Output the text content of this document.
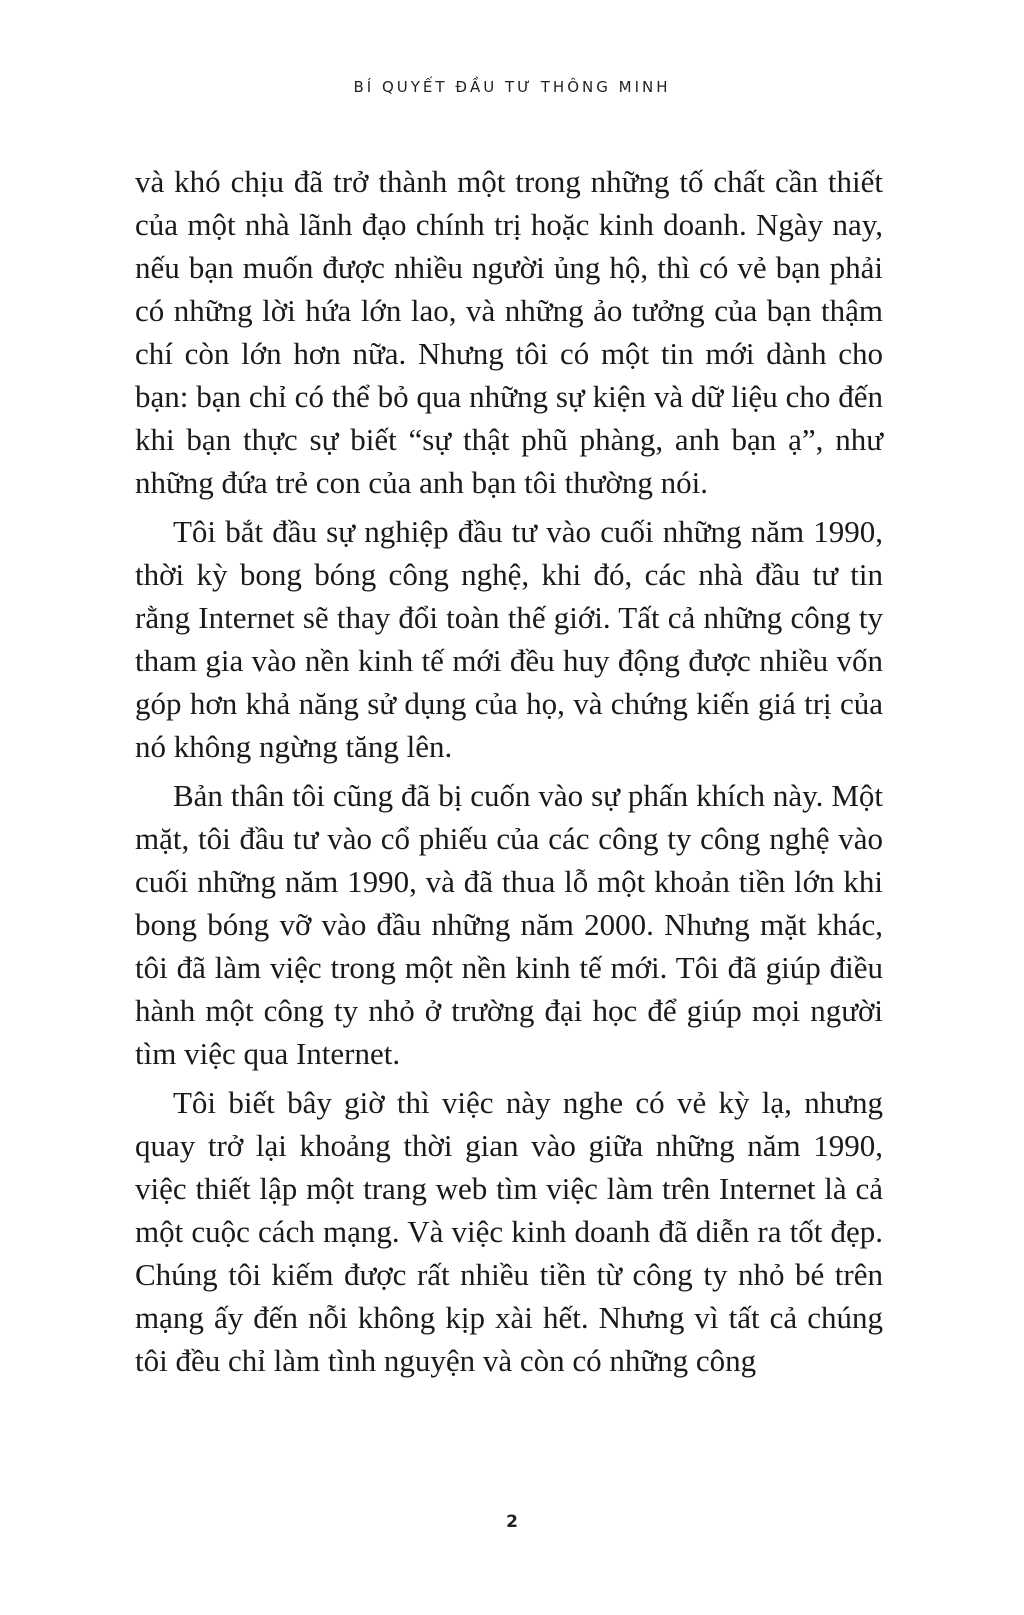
BÍ QUYẾT ĐẦU TƯ THÔNG MINH

và khó chịu đã trở thành một trong những tố chất cần thiết của một nhà lãnh đạo chính trị hoặc kinh doanh. Ngày nay, nếu bạn muốn được nhiều người ủng hộ, thì có vẻ bạn phải có những lời hứa lớn lao, và những ảo tưởng của bạn thậm chí còn lớn hơn nữa. Nhưng tôi có một tin mới dành cho bạn: bạn chỉ có thể bỏ qua những sự kiện và dữ liệu cho đến khi bạn thực sự biết “sự thật phũ phàng, anh bạn ạ”, như những đứa trẻ con của anh bạn tôi thường nói.

Tôi bắt đầu sự nghiệp đầu tư vào cuối những năm 1990, thời kỳ bong bóng công nghệ, khi đó, các nhà đầu tư tin rằng Internet sẽ thay đổi toàn thế giới. Tất cả những công ty tham gia vào nền kinh tế mới đều huy động được nhiều vốn góp hơn khả năng sử dụng của họ, và chứng kiến giá trị của nó không ngừng tăng lên.

Bản thân tôi cũng đã bị cuốn vào sự phấn khích này. Một mặt, tôi đầu tư vào cổ phiếu của các công ty công nghệ vào cuối những năm 1990, và đã thua lỗ một khoản tiền lớn khi bong bóng vỡ vào đầu những năm 2000. Nhưng mặt khác, tôi đã làm việc trong một nền kinh tế mới. Tôi đã giúp điều hành một công ty nhỏ ở trường đại học để giúp mọi người tìm việc qua Internet.

Tôi biết bây giờ thì việc này nghe có vẻ kỳ lạ, nhưng quay trở lại khoảng thời gian vào giữa những năm 1990, việc thiết lập một trang web tìm việc làm trên Internet là cả một cuộc cách mạng. Và việc kinh doanh đã diễn ra tốt đẹp. Chúng tôi kiếm được rất nhiều tiền từ công ty nhỏ bé trên mạng ấy đến nỗi không kịp xài hết. Nhưng vì tất cả chúng tôi đều chỉ làm tình nguyện và còn có những công

2
